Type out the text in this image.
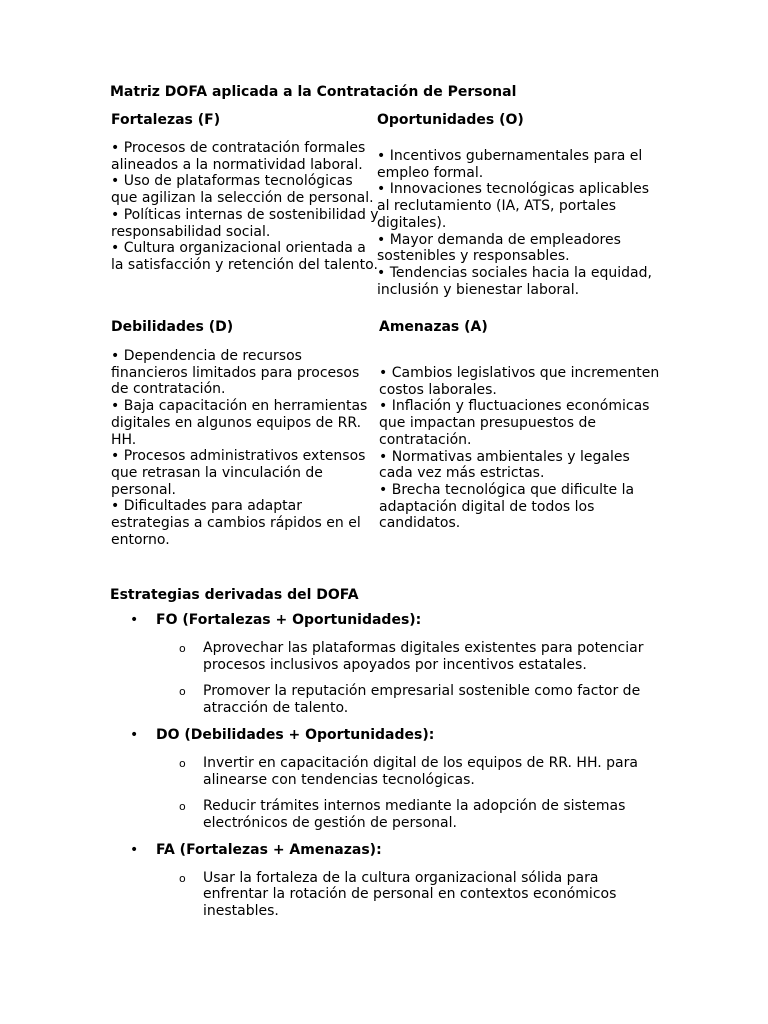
Matriz DOFA aplicada a la Contratación de Personal
Fortalezas (F)
• Procesos de contratación formales alineados a la normatividad laboral.
• Uso de plataformas tecnológicas que agilizan la selección de personal.
• Políticas internas de sostenibilidad y responsabilidad social.
• Cultura organizacional orientada a la satisfacción y retención del talento.
Oportunidades (O)
• Incentivos gubernamentales para el empleo formal.
• Innovaciones tecnológicas aplicables al reclutamiento (IA, ATS, portales digitales).
• Mayor demanda de empleadores sostenibles y responsables.
• Tendencias sociales hacia la equidad, inclusión y bienestar laboral.
Debilidades (D)
• Dependencia de recursos financieros limitados para procesos de contratación.
• Baja capacitación en herramientas digitales en algunos equipos de RR. HH.
• Procesos administrativos extensos que retrasan la vinculación de personal.
• Dificultades para adaptar estrategias a cambios rápidos en el entorno.
Amenazas (A)
• Cambios legislativos que incrementen costos laborales.
• Inflación y fluctuaciones económicas que impactan presupuestos de contratación.
• Normativas ambientales y legales cada vez más estrictas.
• Brecha tecnológica que dificulte la adaptación digital de todos los candidatos.
Estrategias derivadas del DOFA
• FO (Fortalezas + Oportunidades):
o Aprovechar las plataformas digitales existentes para potenciar procesos inclusivos apoyados por incentivos estatales.
o Promover la reputación empresarial sostenible como factor de atracción de talento.
• DO (Debilidades + Oportunidades):
o Invertir en capacitación digital de los equipos de RR. HH. para alinearse con tendencias tecnológicas.
o Reducir trámites internos mediante la adopción de sistemas electrónicos de gestión de personal.
• FA (Fortalezas + Amenazas):
o Usar la fortaleza de la cultura organizacional sólida para enfrentar la rotación de personal en contextos económicos inestables.
